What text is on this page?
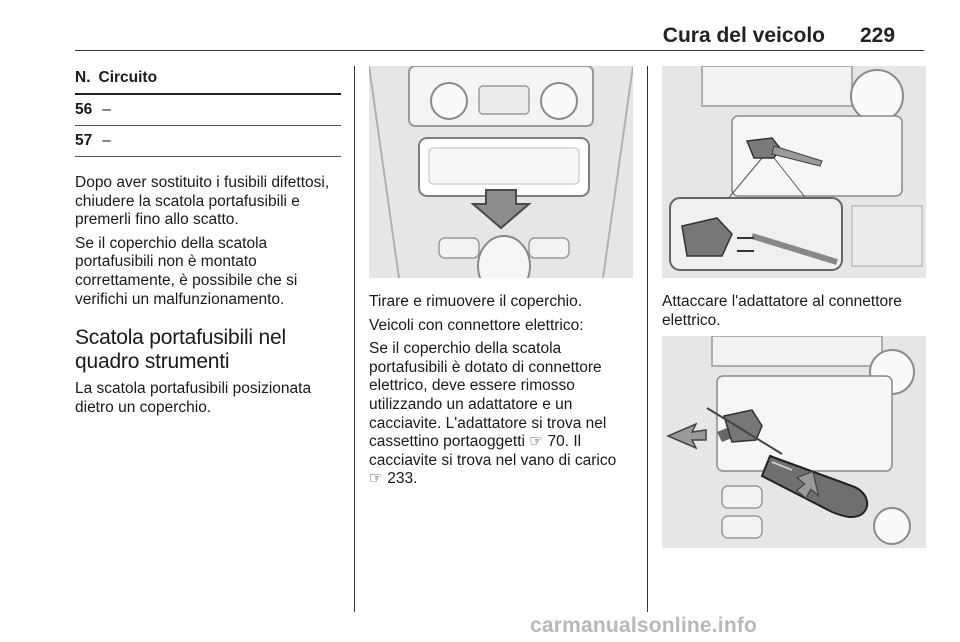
Cura del veicolo 229
N. Circuito
56 –
57 –

Dopo aver sostituito i fusibili difettosi, chiudere la scatola portafusibili e premerli fino allo scatto.

Se il coperchio della scatola portafusibili non è montato correttamente, è possibile che si verifichi un malfunzionamento.

Scatola portafusibili nel quadro strumenti

La scatola portafusibili posizionata dietro un coperchio.

Tirare e rimuovere il coperchio.

Veicoli con connettore elettrico:

Se il coperchio della scatola portafusibili è dotato di connettore elettrico, deve essere rimosso utilizzando un adattatore e un cacciavite. L'adattatore si trova nel cassettino portaoggetti ☞ 70. Il cacciavite si trova nel vano di carico ☞ 233.

Attaccare l'adattatore al connettore elettrico.

carmanualsonline.info
